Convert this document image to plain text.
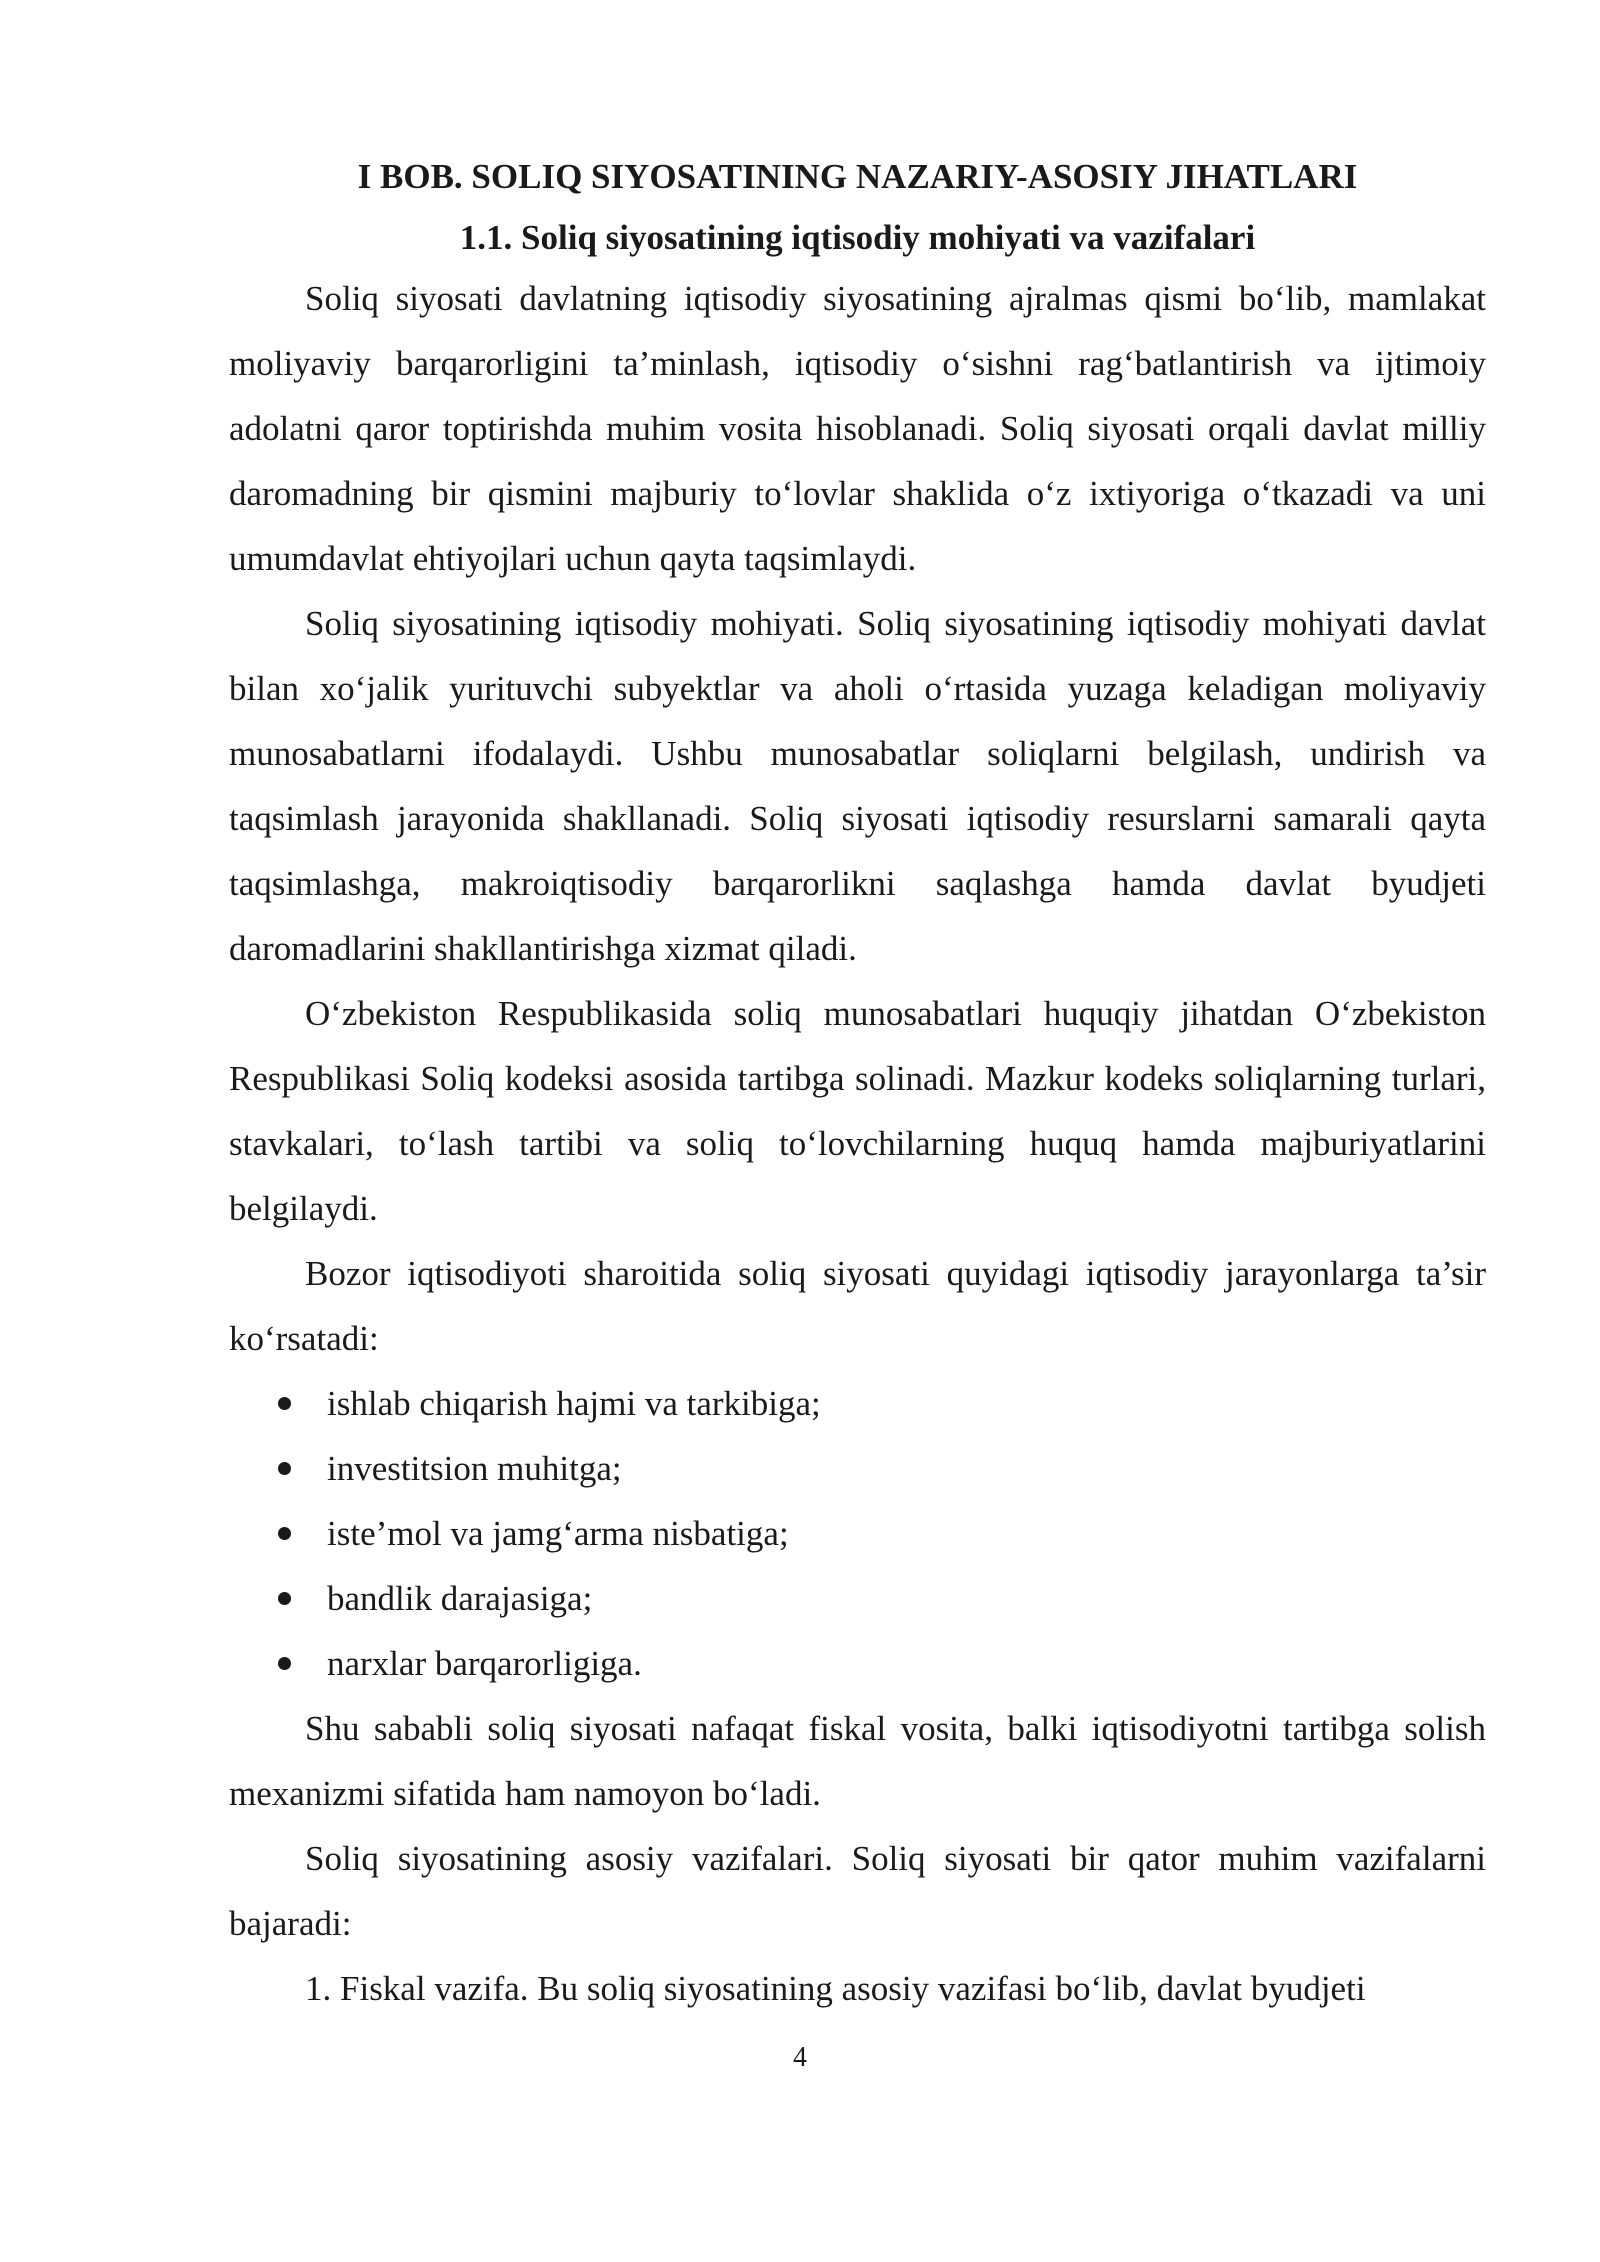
I BOB. SOLIQ SIYOSATINING NAZARIY-ASOSIY JIHATLARI
1.1. Soliq siyosatining iqtisodiy mohiyati va vazifalari

Soliq siyosati davlatning iqtisodiy siyosatining ajralmas qismi bo‘lib, mamlakat moliyaviy barqarorligini ta’minlash, iqtisodiy o‘sishni rag‘batlantirish va ijtimoiy adolatni qaror toptirishda muhim vosita hisoblanadi. Soliq siyosati orqali davlat milliy daromadning bir qismini majburiy to‘lovlar shaklida o‘z ixtiyoriga o‘tkazadi va uni umumdavlat ehtiyojlari uchun qayta taqsimlaydi.

Soliq siyosatining iqtisodiy mohiyati. Soliq siyosatining iqtisodiy mohiyati davlat bilan xo‘jalik yurituvchi subyektlar va aholi o‘rtasida yuzaga keladigan moliyaviy munosabatlarni ifodalaydi. Ushbu munosabatlar soliqlarni belgilash, undirish va taqsimlash jarayonida shakllanadi. Soliq siyosati iqtisodiy resurslarni samarali qayta taqsimlashga, makroiqtisodiy barqarorlikni saqlashga hamda davlat byudjeti daromadlarini shakllantirishga xizmat qiladi.

O‘zbekiston Respublikasida soliq munosabatlari huquqiy jihatdan O‘zbekiston Respublikasi Soliq kodeksi asosida tartibga solinadi. Mazkur kodeks soliqlarning turlari, stavkalari, to‘lash tartibi va soliq to‘lovchilarning huquq hamda majburiyatlarini belgilaydi.

Bozor iqtisodiyoti sharoitida soliq siyosati quyidagi iqtisodiy jarayonlarga ta’sir ko‘rsatadi:

ishlab chiqarish hajmi va tarkibiga;
investitsion muhitga;
iste’mol va jamg‘arma nisbatiga;
bandlik darajasiga;
narxlar barqarorligiga.

Shu sababli soliq siyosati nafaqat fiskal vosita, balki iqtisodiyotni tartibga solish mexanizmi sifatida ham namoyon bo‘ladi.

Soliq siyosatining asosiy vazifalari. Soliq siyosati bir qator muhim vazifalarni bajaradi:

1. Fiskal vazifa. Bu soliq siyosatining asosiy vazifasi bo‘lib, davlat byudjeti

4
